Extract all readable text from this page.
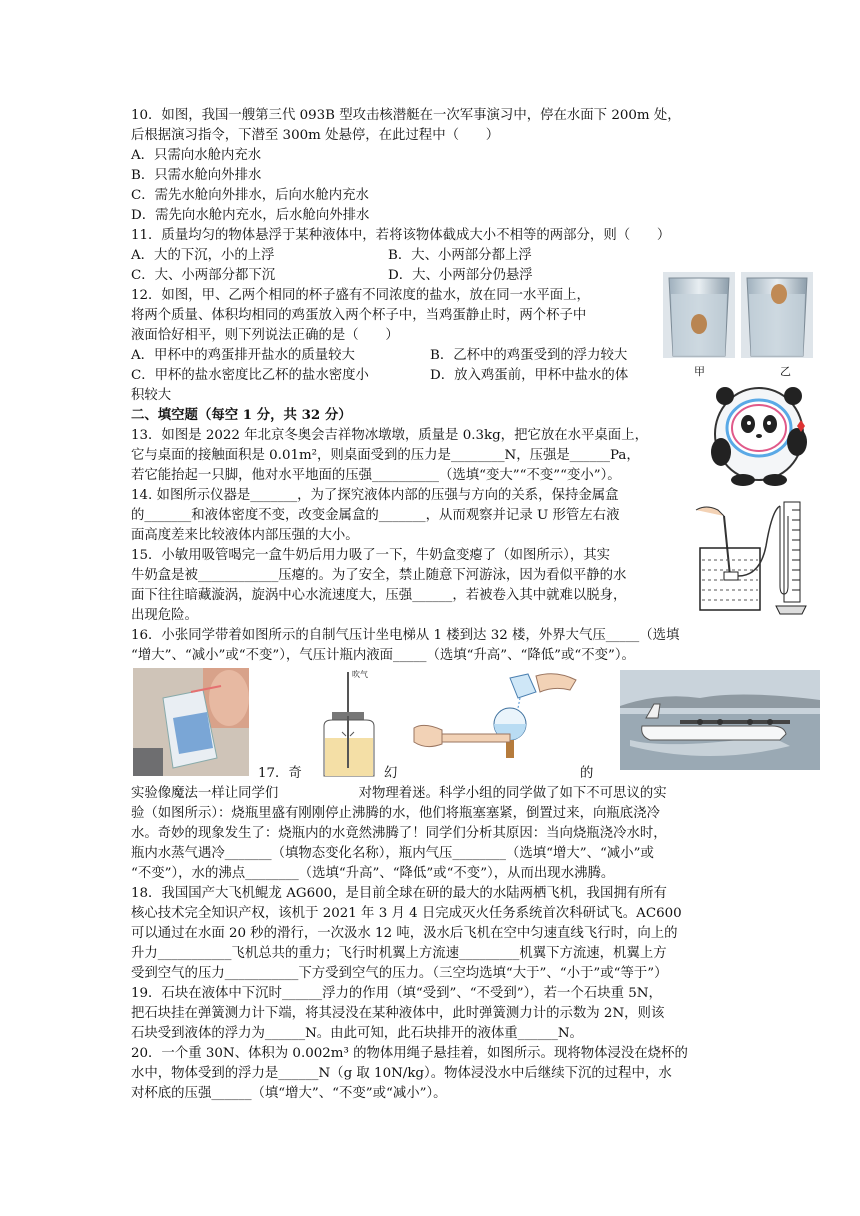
10．如图，我国一艘第三代 093B 型攻击核潜艇在一次军事演习中，停在水面下 200m 处，
后根据演习指令，下潜至 300m 处悬停，在此过程中（　　）
A．只需向水舱内充水
B．只需水舱向外排水
C．需先水舱向外排水，后向水舱内充水
D．需先向水舱内充水，后水舱向外排水
11．质量均匀的物体悬浮于某种液体中，若将该物体截成大小不相等的两部分，则（　　）
A．大的下沉，小的上浮	B．大、小两部分都上浮
C．大、小两部分都下沉	D．大、小两部分仍悬浮
12．如图，甲、乙两个相同的杯子盛有不同浓度的盐水，放在同一水平面上，
将两个质量、体积均相同的鸡蛋放入两个杯子中，当鸡蛋静止时，两个杯子中
液面恰好相平，则下列说法正确的是（　　）
A．甲杯中的鸡蛋排开盐水的质量较大	B．乙杯中的鸡蛋受到的浮力较大
C．甲杯的盐水密度比乙杯的盐水密度小	D．放入鸡蛋前，甲杯中盐水的体
积较大
甲	乙
二、填空题（每空 1 分，共 32 分）
13．如图是 2022 年北京冬奥会吉祥物冰墩墩，质量是 0.3kg，把它放在水平桌面上，
它与桌面的接触面积是 0.01m²，则桌面受到的压力是________N，压强是______Pa，
若它能抬起一只脚，他对水平地面的压强__________（选填“变大”“不变”“变小”）。
14. 如图所示仪器是_______，为了探究液体内部的压强与方向的关系，保持金属盒
的_______和液体密度不变，改变金属盒的_______，从而观察并记录 U 形管左右液
面高度差来比较液体内部压强的大小。
15．小敏用吸管喝完一盒牛奶后用力吸了一下，牛奶盒变瘪了（如图所示），其实
牛奶盒是被____________压瘪的。为了安全，禁止随意下河游泳，因为看似平静的水
面下往往暗藏漩涡，旋涡中心水流速度大，压强______，若被卷入其中就难以脱身，
出现危险。
16．小张同学带着如图所示的自制气压计坐电梯从 1 楼到达 32 楼，外界大气压_____（选填
“增大”、“减小”或“不变”），气压计瓶内液面_____（选填“升高”、“降低”或“不变”）。
吹气
17．奇	幻	的
实验像魔法一样让同学们　　　　　　对物理着迷。科学小组的同学做了如下不可思议的实
验（如图所示）：烧瓶里盛有刚刚停止沸腾的水，他们将瓶塞塞紧，倒置过来，向瓶底浇冷
水。奇妙的现象发生了：烧瓶内的水竟然沸腾了！同学们分析其原因：当向烧瓶浇冷水时，
瓶内水蒸气遇冷_______（填物态变化名称），瓶内气压________（选填“增大”、“减小”或
“不变”），水的沸点________（选填“升高”、“降低”或“不变”），从而出现水沸腾。
18．我国国产大飞机鲲龙 AG600，是目前全球在研的最大的水陆两栖飞机，我国拥有所有
核心技术完全知识产权，该机于 2021 年 3 月 4 日完成灭火任务系统首次科研试飞。AC600
可以通过在水面 20 秒的滑行，一次汲水 12 吨，汲水后飞机在空中匀速直线飞行时，向上的
升力___________飞机总共的重力；飞行时机翼上方流速_________机翼下方流速，机翼上方
受到空气的压力___________下方受到空气的压力。（三空均选填“大于”、“小于”或“等于”）
19．石块在液体中下沉时______浮力的作用（填“受到”、“不受到”），若一个石块重 5N，
把石块挂在弹簧测力计下端，将其浸没在某种液体中，此时弹簧测力计的示数为 2N，则该
石块受到液体的浮力为______N。由此可知，此石块排开的液体重______N。
20．一个重 30N、体积为 0.002m³ 的物体用绳子悬挂着，如图所示。现将物体浸没在烧杯的
水中，物体受到的浮力是______N（g 取 10N/kg）。物体浸没水中后继续下沉的过程中，水
对杯底的压强______（填“增大”、“不变”或“减小”）。
